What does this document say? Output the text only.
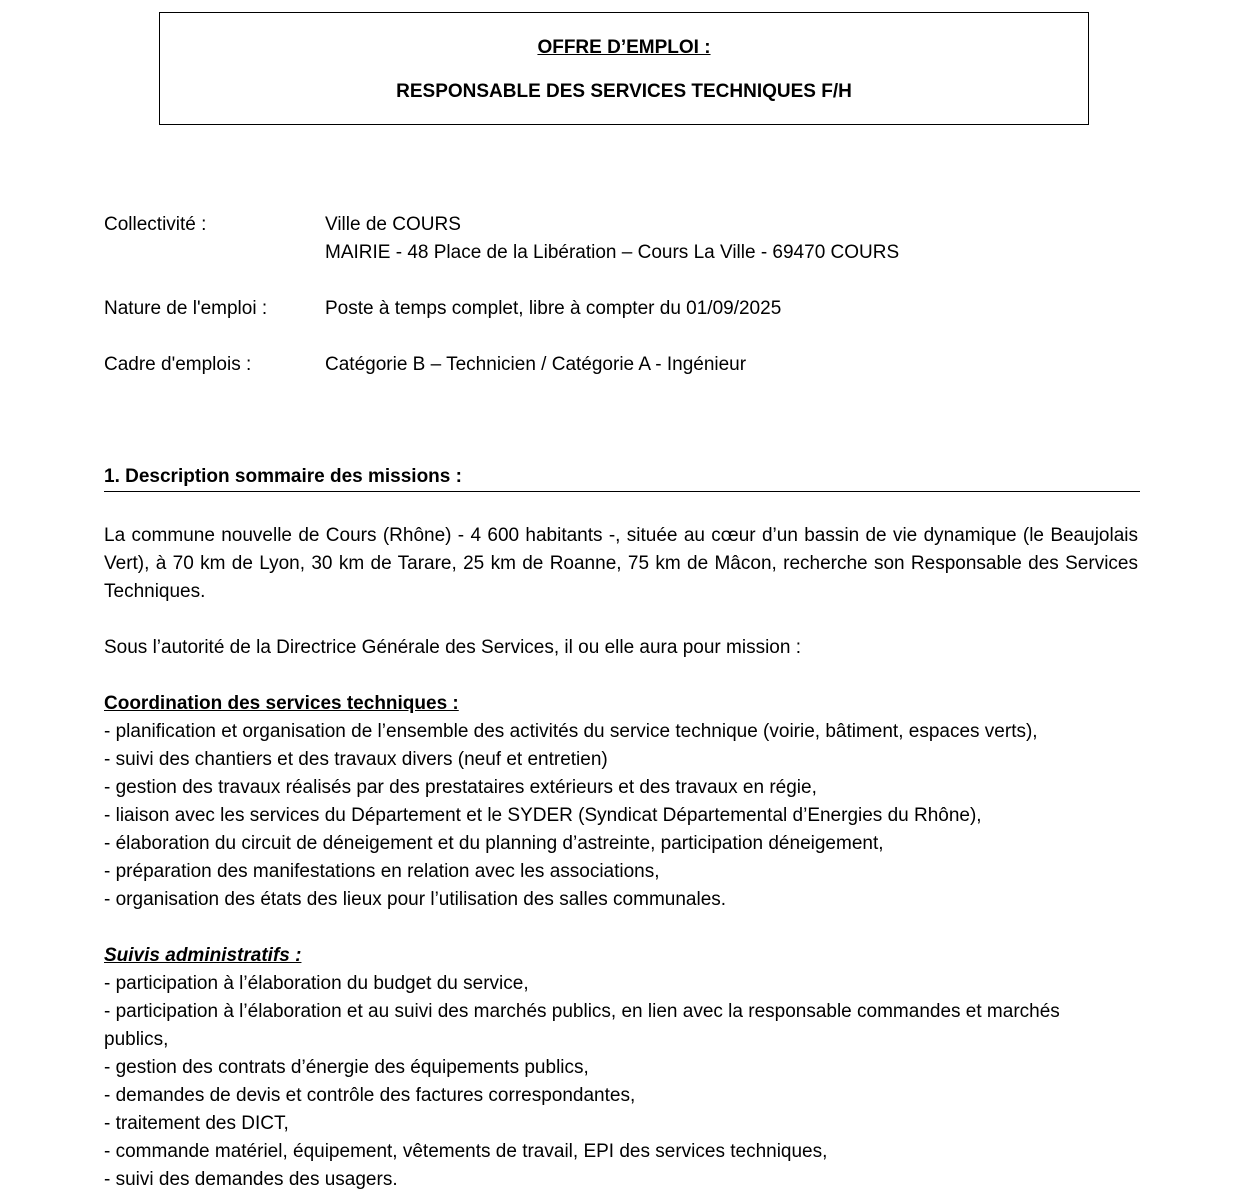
OFFRE D’EMPLOI :
RESPONSABLE DES SERVICES TECHNIQUES F/H
Collectivité :	Ville de COURS
MAIRIE - 48 Place de la Libération – Cours La Ville - 69470 COURS
Nature de l'emploi :	Poste à temps complet, libre à compter du 01/09/2025
Cadre d'emplois :	Catégorie B – Technicien / Catégorie A - Ingénieur
1. Description sommaire des missions :
La commune nouvelle de Cours (Rhône) - 4 600 habitants -, située au cœur d’un bassin de vie dynamique (le Beaujolais Vert), à 70 km de Lyon, 30 km de Tarare, 25 km de Roanne, 75 km de Mâcon, recherche son Responsable des Services Techniques.
Sous l’autorité de la Directrice Générale des Services, il ou elle aura pour mission :
Coordination des services techniques :
- planification et organisation de l’ensemble des activités du service technique (voirie, bâtiment, espaces verts),
- suivi des chantiers et des travaux divers (neuf et entretien)
- gestion des travaux réalisés par des prestataires extérieurs et des travaux en régie,
- liaison avec les services du Département et le SYDER (Syndicat Départemental d’Energies du Rhône),
- élaboration du circuit de déneigement et du planning d’astreinte, participation déneigement,
- préparation des manifestations en relation avec les associations,
- organisation des états des lieux pour l’utilisation des salles communales.
Suivis administratifs :
- participation à l’élaboration du budget du service,
- participation à l’élaboration et au suivi des marchés publics, en lien avec la responsable commandes et marchés publics,
- gestion des contrats d’énergie des équipements publics,
- demandes de devis et contrôle des factures correspondantes,
- traitement des DICT,
- commande matériel, équipement, vêtements de travail, EPI des services techniques,
- suivi des demandes des usagers.
